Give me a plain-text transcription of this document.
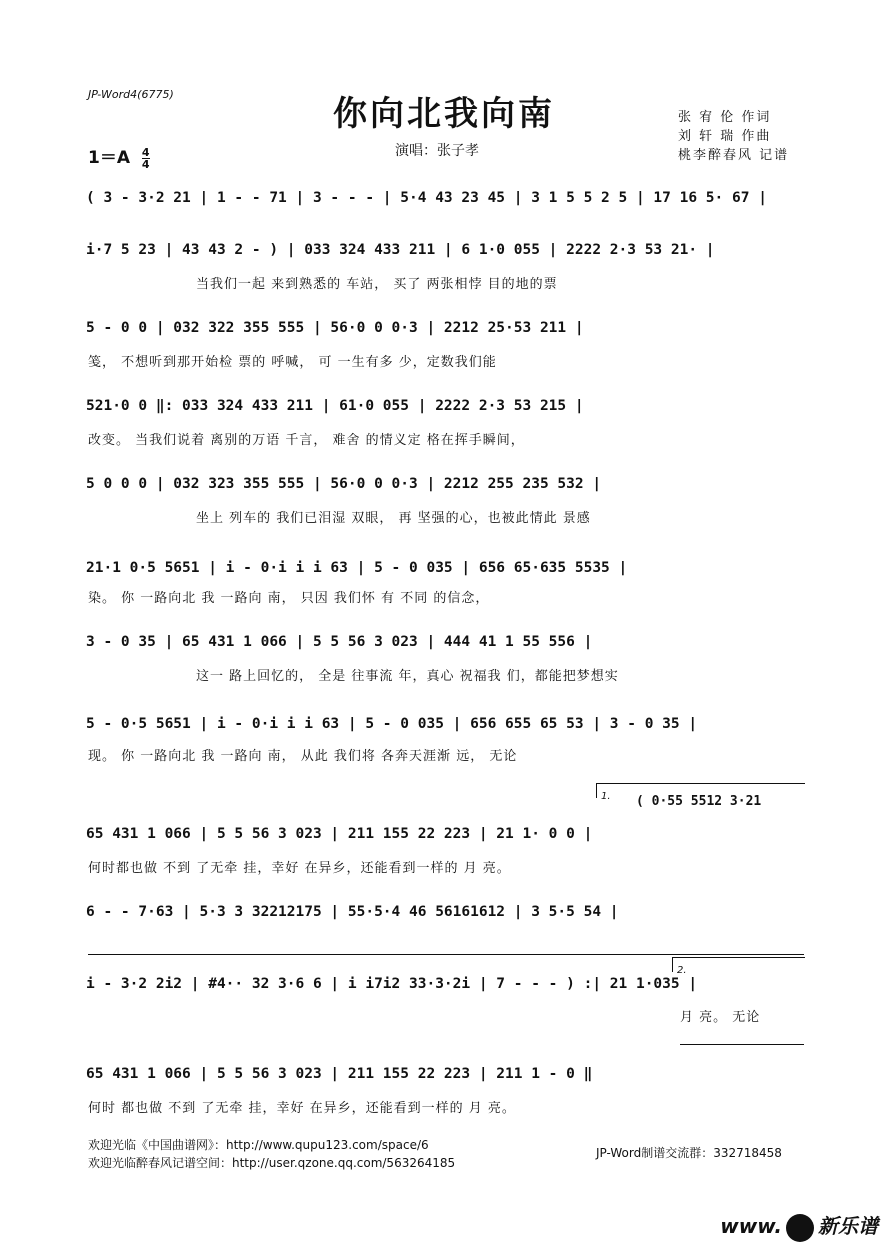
JP-Word4(6775)	你向北我向南
$1=A \frac{4}{4}$	演唱：张子孝
张 宥 伦 作词
刘 轩 瑞 作曲
桃李醉春风 记谱
( 3 - 3·2 21 | 1 - - 71 | 3 - - - | 5·4 43 23 45 | 3 1 5 5 2 5 | 17 16 5· 67 |
i·7 5 23 | 43 43 2 - ) | 033 324 433 211 | 6 1·0 055 | 2222 2·3 53 21· |
当我们一起 来到熟悉的 车站， 买了 两张相悖 目的地的票
5 - 0 0 | 032 322 355 555 | 56·0 0 0·3 | 2212 25·53 211 |
笺， 不想听到那开始检 票的 呼喊， 可 一生有多 少，定数我们能
521·0 0 ‖: 033 324 433 211 | 61·0 055 | 2222 2·3 53 215 |
改变。 当我们说着 离别的万语 千言， 难舍 的情义定 格在挥手瞬间，
5 0 0 0 | 032 323 355 555 | 56·0 0 0·3 | 2212 255 235 532 |
坐上 列车的 我们已泪湿 双眼， 再 坚强的心，也被此情此 景感
21·1 0·5 5651 | i - 0·i i i 63 | 5 - 0 035 | 656 65·635 5535 |
染。 你 一路向北 我 一路向 南， 只因 我们怀 有 不同 的信念，
3 - 0 35 | 65 431 1 066 | 5 5 56 3 023 | 444 41 1 55 556 |
这一 路上回忆的， 全是 往事流 年，真心 祝福我 们，都能把梦想实
5 - 0·5 5651 | i - 0·i i i 63 | 5 - 0 035 | 656 655 65 53 | 3 - 0 35 |
现。 你 一路向北 我 一路向 南， 从此 我们将 各奔天涯渐 远， 无论
1.	( 0·55 5512 3·21
65 431 1 066 | 5 5 56 3 023 | 211 155 22 223 | 21 1· 0 0 |
何时都也做 不到 了无牵 挂，幸好 在异乡，还能看到一样的 月 亮。
6 - - 7·63 | 5·3 3 32212175 | 55·5·4 46 56161612 | 3 5·5 54 |
i - 3·2 2i2 | #4·· 32 3·6 6 | i i7i2 33·3·2i | 7 - - - ) :| 21 1·035 |
2.
月 亮。 无论
65 431 1 066 | 5 5 56 3 023 | 211 155 22 223 | 211 1 - 0 ‖
何时 都也做 不到 了无牵 挂，幸好 在异乡，还能看到一样的 月 亮。
欢迎光临《中国曲谱网》：http://www.qupu123.com/space/6
欢迎光临醉春风记谱空间：http://user.qzone.qq.com/563264185
JP-Word制谱交流群：332718458
www. 新乐谱
